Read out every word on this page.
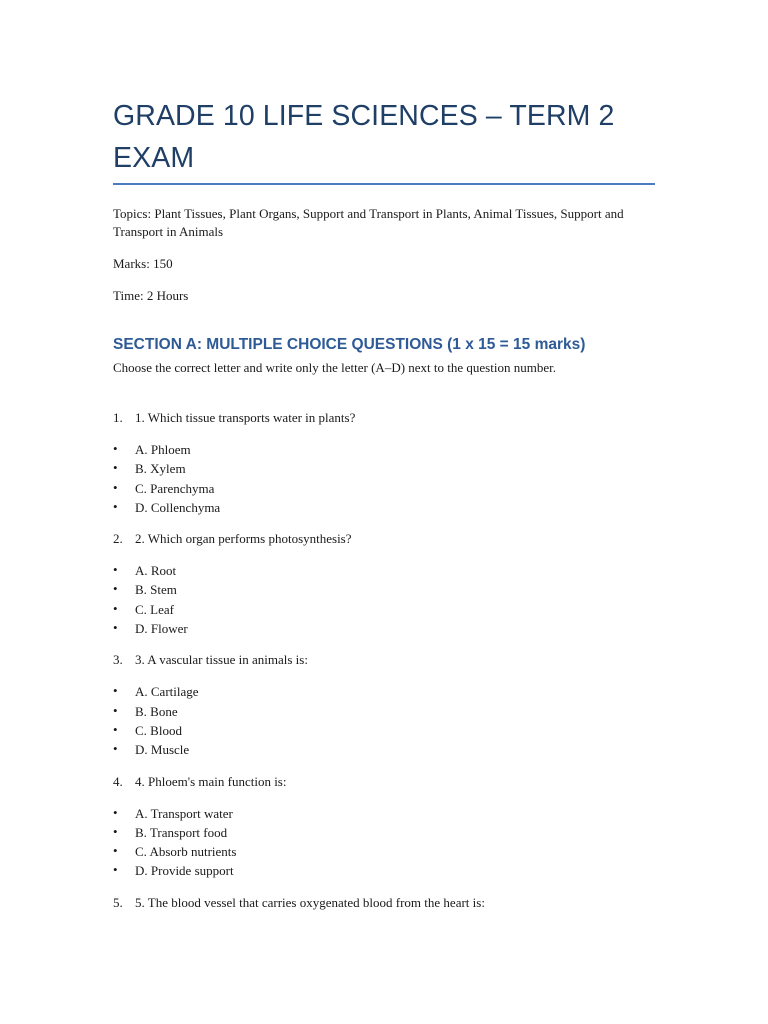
GRADE 10 LIFE SCIENCES – TERM 2 EXAM

Topics: Plant Tissues, Plant Organs, Support and Transport in Plants, Animal Tissues, Support and Transport in Animals

Marks: 150

Time: 2 Hours

SECTION A: MULTIPLE CHOICE QUESTIONS (1 x 15 = 15 marks)

Choose the correct letter and write only the letter (A–D) next to the question number.

1. 1. Which tissue transports water in plants?
•	A. Phloem
•	B. Xylem
•	C. Parenchyma
•	D. Collenchyma
2. 2. Which organ performs photosynthesis?
•	A. Root
•	B. Stem
•	C. Leaf
•	D. Flower
3. 3. A vascular tissue in animals is:
•	A. Cartilage
•	B. Bone
•	C. Blood
•	D. Muscle
4. 4. Phloem's main function is:
•	A. Transport water
•	B. Transport food
•	C. Absorb nutrients
•	D. Provide support
5. 5. The blood vessel that carries oxygenated blood from the heart is:
